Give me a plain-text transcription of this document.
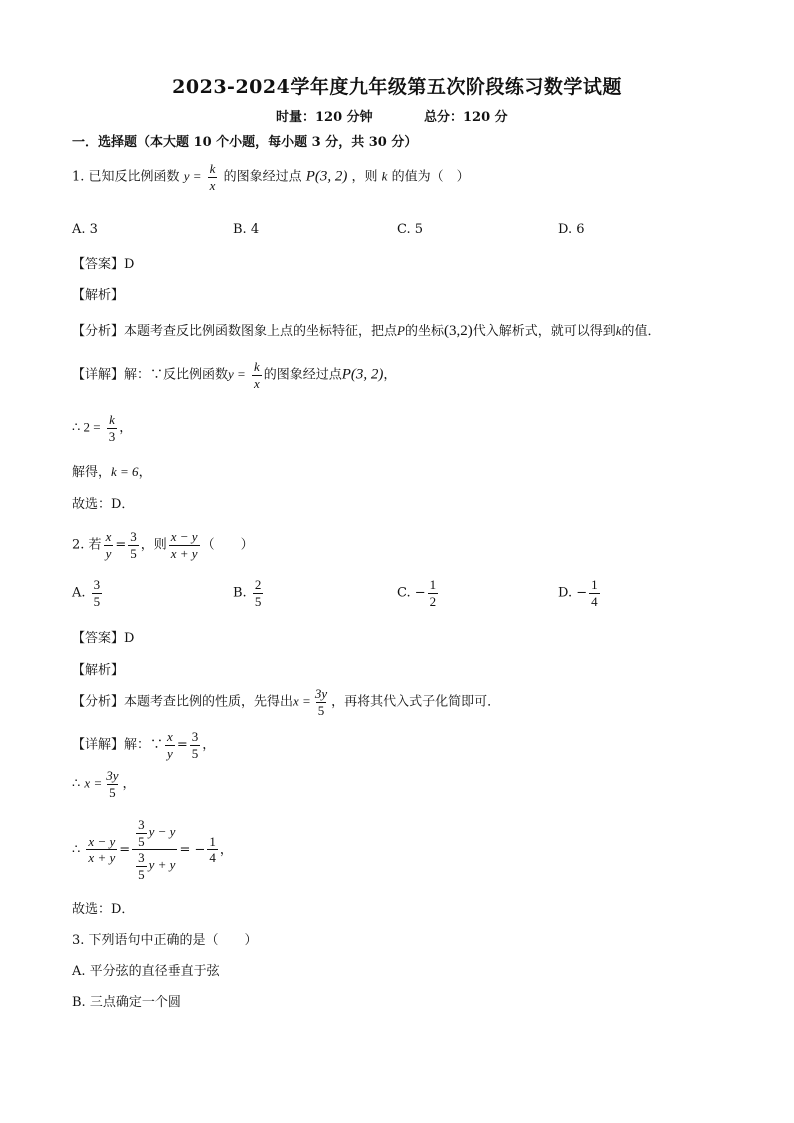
2023-2024学年度九年级第五次阶段练习数学试题
时量：120 分钟	总分：120 分
一．选择题（本大题 10 个小题，每小题 3 分，共 30 分）
1. 已知反比例函数 $y = \frac{k}{x}$ 的图象经过点 P(3, 2) ，则 k 的值为（　）
A. 3	B. 4	C. 5	D. 6
【答案】D
【解析】
【分析】本题考查反比例函数图象上点的坐标特征，把点P的坐标(3,2)代入解析式，就可以得到k的值．
【详解】解：∵反比例函数$y = \frac{k}{x}$ 的图象经过点P(3, 2)，
∴ $2 = \frac{k}{3}$ ，
解得，k = 6，
故选：D．
2. 若 $\frac{x}{y} = \frac{3}{5}$ ，则 $\frac{x - y}{x + y}$ （　　）
A. $\frac{3}{5}$	B. $\frac{2}{5}$	C. − $\frac{1}{2}$	D. − $\frac{1}{4}$
【答案】D
【解析】
【分析】本题考查比例的性质，先得出$x = \frac{3y}{5}$ ，再将其代入式子化简即可．
【详解】解：∵ $\frac{x}{y} = \frac{3}{5}$ ，
∴ $x = \frac{3y}{5}$ ，
∴ $\frac{x - y}{x + y} = \frac{\frac{3}{5} y - y}{\frac{3}{5} y + y}$ = − $\frac{1}{4}$ ，
故选：D．
3. 下列语句中正确的是（　　）
A. 平分弦的直径垂直于弦
B. 三点确定一个圆
